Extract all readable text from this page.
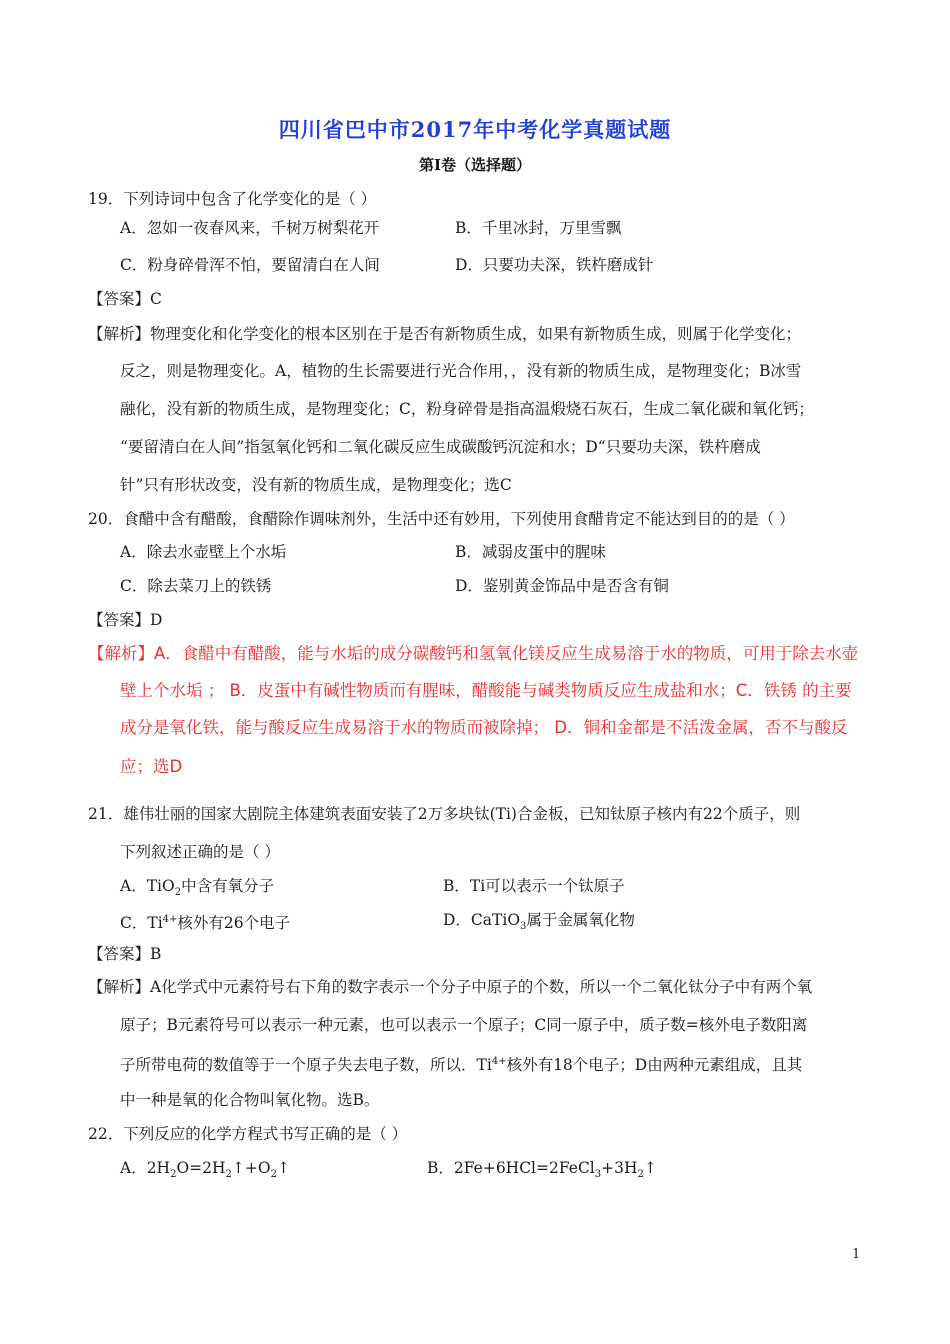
四川省巴中市2017年中考化学真题试题
第Ⅰ卷（选择题）
19．下列诗词中包含了化学变化的是（ ）
A．忽如一夜春风来，千树万树梨花开	B．千里冰封，万里雪飘
C．粉身碎骨浑不怕，要留清白在人间	D．只要功夫深，铁杵磨成针
【答案】C
【解析】物理变化和化学变化的根本区别在于是否有新物质生成，如果有新物质生成，则属于化学变化；
反之，则是物理变化。A，植物的生长需要进行光合作用，，没有新的物质生成，是物理变化；B冰雪
融化，没有新的物质生成，是物理变化；C，粉身碎骨是指高温煅烧石灰石，生成二氧化碳和氧化钙；
“要留清白在人间”指氢氧化钙和二氧化碳反应生成碳酸钙沉淀和水；D“只要功夫深，铁杵磨成
针”只有形状改变，没有新的物质生成，是物理变化；选C
20．食醋中含有醋酸，食醋除作调味剂外，生活中还有妙用，下列使用食醋肯定不能达到目的的是（ ）
A．除去水壶壁上个水垢	B．减弱皮蛋中的腥味
C．除去菜刀上的铁锈	D．鉴别黄金饰品中是否含有铜
【答案】D
【解析】A．食醋中有醋酸，能与水垢的成分碳酸钙和氢氧化镁反应生成易溶于水的物质，可用于除去水壶
壁上个水垢 ； B．皮蛋中有碱性物质而有腥味，醋酸能与碱类物质反应生成盐和水；C．铁锈 的主要
成分是氧化铁，能与酸反应生成易溶于水的物质而被除掉； D．铜和金都是不活泼金属，否不与酸反
应；选D
21．雄伟壮丽的国家大剧院主体建筑表面安装了2万多块钛(Ti)合金板，已知钛原子核内有22个质子，则
下列叙述正确的是（ ）
A．TiO$_2$中含有氧分子	B．Ti可以表示一个钛原子
C．$Ti^{4+}$核外有26个电子	D．CaTiO$_3$属于金属氧化物
【答案】B
【解析】A化学式中元素符号右下角的数字表示一个分子中原子的个数，所以一个二氧化钛分子中有两个氧
原子；B元素符号可以表示一种元素，也可以表示一个原子；C同一原子中，质子数=核外电子数阳离
子所带电荷的数值等于一个原子失去电子数，所以．$Ti^{4+}$核外有18个电子；D由两种元素组成，且其
中一种是氧的化合物叫氧化物。选B。
22．下列反应的化学方程式书写正确的是（ ）
A．$2H_2O=2H_2↑+O_2↑$	B．$2Fe+6HCl=2FeCl_3+3H_2↑$
1
